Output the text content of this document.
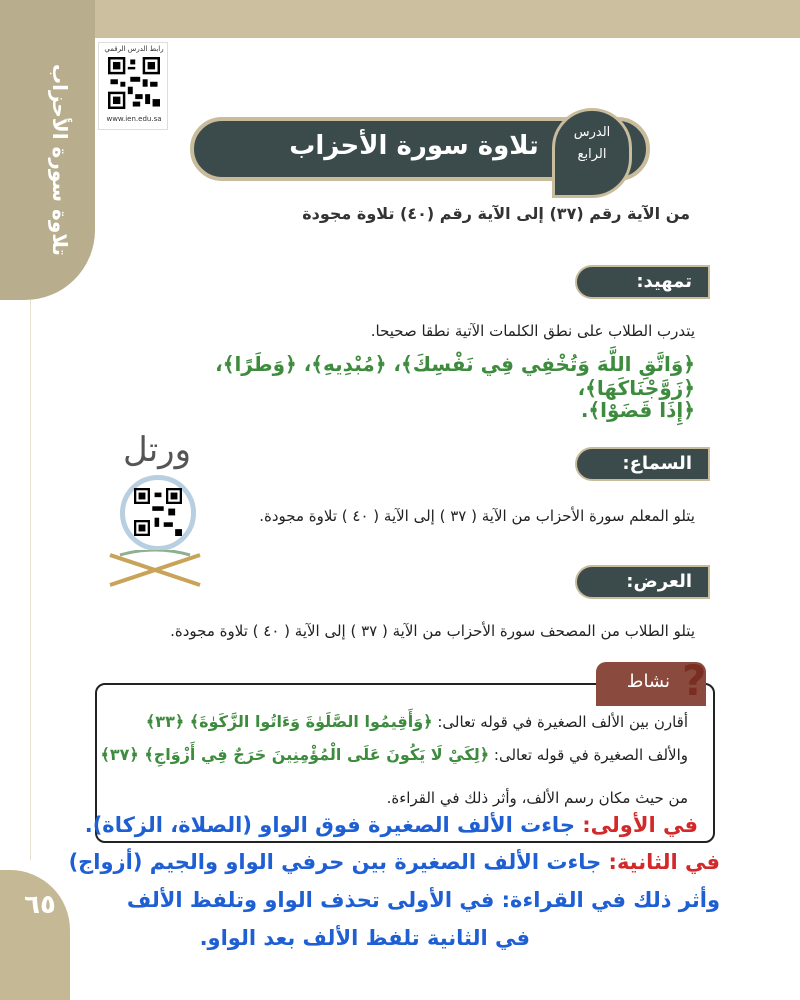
تلاوة سورة الأحزاب
٦٥
رابط الدرس الرقمي
www.ien.edu.sa
تلاوة سورة الأحزاب	الدرس
الرابع
من الآية رقم (٣٧) إلى الآية رقم (٤٠) تلاوة مجودة
تمهيد:
يتدرب الطلاب على نطق الكلمات الآتية نطقا صحيحا.
﴿وَاتَّقِ اللَّهَ وَتُخْفِي فِي نَفْسِكَ﴾، ﴿مُبْدِيهِ﴾، ﴿وَطَرًا﴾، ﴿زَوَّجْنَاكَهَا﴾،
﴿إِذَا قَضَوْا﴾.
ورتل	السماع:
يتلو المعلم سورة الأحزاب من الآية ( ٣٧ ) إلى الآية ( ٤٠ ) تلاوة مجودة.
العرض:
يتلو الطلاب من المصحف سورة الأحزاب من الآية ( ٣٧ ) إلى الآية ( ٤٠ ) تلاوة مجودة.
نشاط ?
أقارن بين الألف الصغيرة في قوله تعالى: ﴿وَأَقِيمُوا الصَّلَوٰةَ وَءَاتُوا الزَّكَوٰةَ﴾ ﴿٣٣﴾
والألف الصغيرة في قوله تعالى: ﴿لِكَيْ لَا يَكُونَ عَلَى الْمُؤْمِنِينَ حَرَجٌ فِي أَزْوَاجِ﴾ ﴿٣٧﴾
من حيث مكان رسم الألف، وأثر ذلك في القراءة.
في الأولى: جاءت الألف الصغيرة فوق الواو (الصلاة، الزكاة).
في الثانية: جاءت الألف الصغيرة بين حرفي الواو والجيم (أزواج)
وأثر ذلك في القراءة: في الأولى تحذف الواو وتلفظ الألف
في الثانية تلفظ الألف بعد الواو.
